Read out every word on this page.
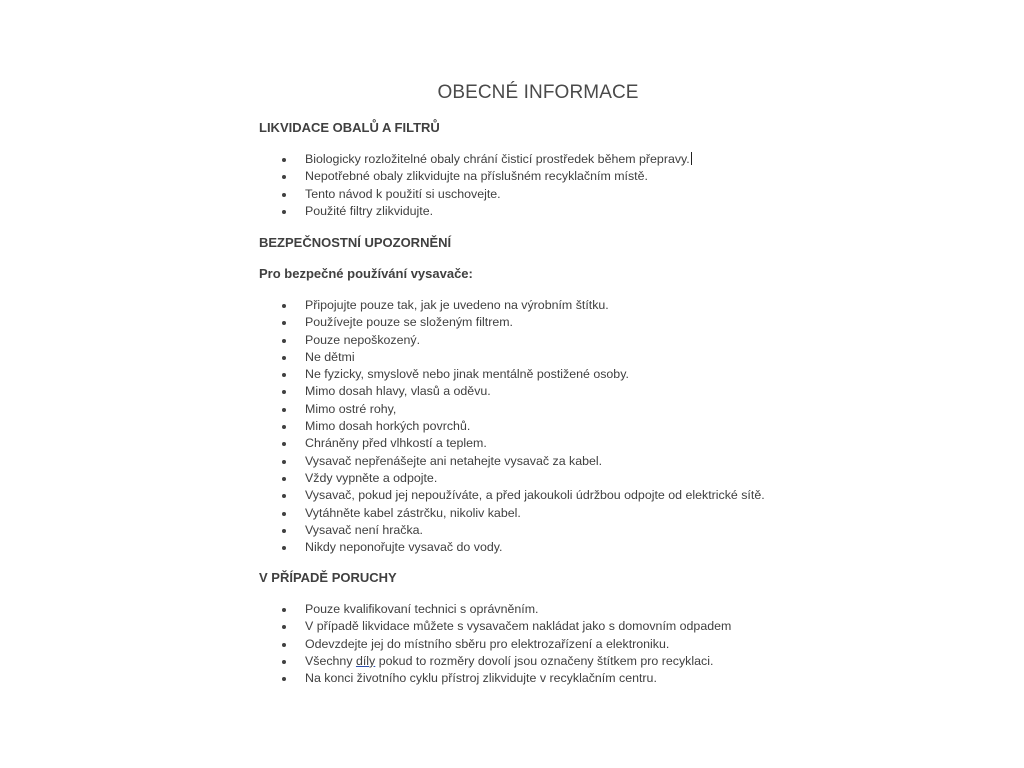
OBECNÉ INFORMACE
LIKVIDACE OBALŮ A FILTRŮ
Biologicky rozložitelné obaly chrání čisticí prostředek během přepravy.
Nepotřebné obaly zlikvidujte na příslušném recyklačním místě.
Tento návod k použití si uschovejte.
Použité filtry zlikvidujte.
BEZPEČNOSTNÍ UPOZORNĚNÍ
Pro bezpečné používání vysavače:
Připojujte pouze tak, jak je uvedeno na výrobním štítku.
Používejte pouze se složeným filtrem.
Pouze nepoškozený.
Ne dětmi
Ne fyzicky, smyslově nebo jinak mentálně postižené osoby.
Mimo dosah hlavy, vlasů a oděvu.
Mimo ostré rohy,
Mimo dosah horkých povrchů.
Chráněny před vlhkostí a teplem.
Vysavač nepřenášejte ani netahejte vysavač za kabel.
Vždy vypněte a odpojte.
Vysavač, pokud jej nepoužíváte, a před jakoukoli údržbou odpojte od elektrické sítě.
Vytáhněte kabel zástrčku, nikoliv kabel.
Vysavač není hračka.
Nikdy neponořujte vysavač do vody.
V PŘÍPADĚ PORUCHY
Pouze kvalifikovaní technici s oprávněním.
V případě likvidace můžete s vysavačem nakládat jako s domovním odpadem
Odevzdejte jej do místního sběru pro elektrozařízení a elektroniku.
Všechny díly pokud to rozměry dovolí jsou označeny štítkem pro recyklaci.
Na konci životního cyklu přístroj zlikvidujte v recyklačním centru.
